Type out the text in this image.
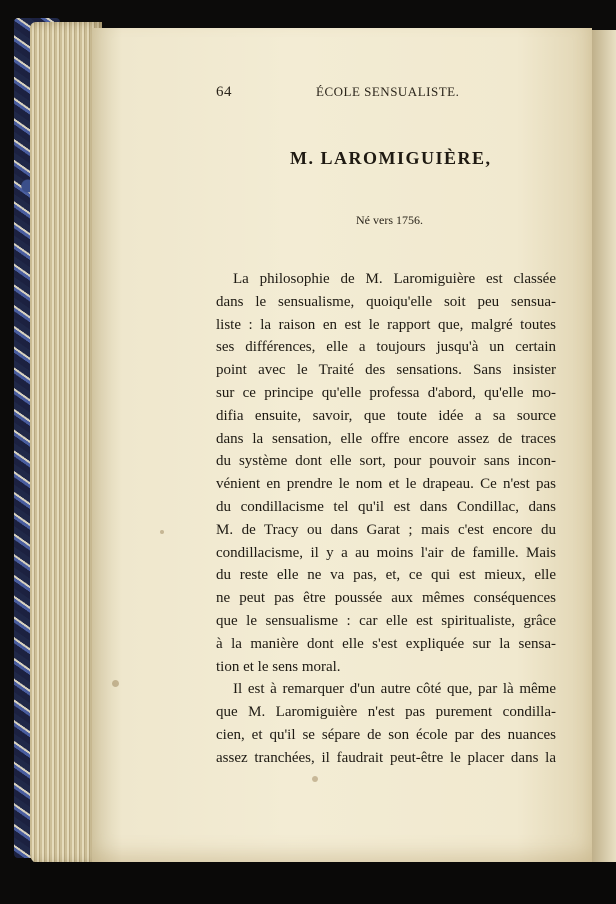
64	ÉCOLE SENSUALISTE.
M. LAROMIGUIÈRE,
Né vers 1756.
La philosophie de M. Laromiguière est classée
dans le sensualisme, quoiqu'elle soit peu sensua-
liste : la raison en est le rapport que, malgré toutes
ses différences, elle a toujours jusqu'à un certain
point avec le Traité des sensations. Sans insister
sur ce principe qu'elle professa d'abord, qu'elle mo-
difia ensuite, savoir, que toute idée a sa source
dans la sensation, elle offre encore assez de traces
du système dont elle sort, pour pouvoir sans incon-
vénient en prendre le nom et le drapeau. Ce n'est pas
du condillacisme tel qu'il est dans Condillac, dans
M. de Tracy ou dans Garat ; mais c'est encore du
condillacisme, il y a au moins l'air de famille. Mais
du reste elle ne va pas, et, ce qui est mieux, elle
ne peut pas être poussée aux mêmes conséquences
que le sensualisme : car elle est spiritualiste, grâce
à la manière dont elle s'est expliquée sur la sensa-
tion et le sens moral.
Il est à remarquer d'un autre côté que, par là même
que M. Laromiguière n'est pas purement condilla-
cien, et qu'il se sépare de son école par des nuances
assez tranchées, il faudrait peut-être le placer dans la
